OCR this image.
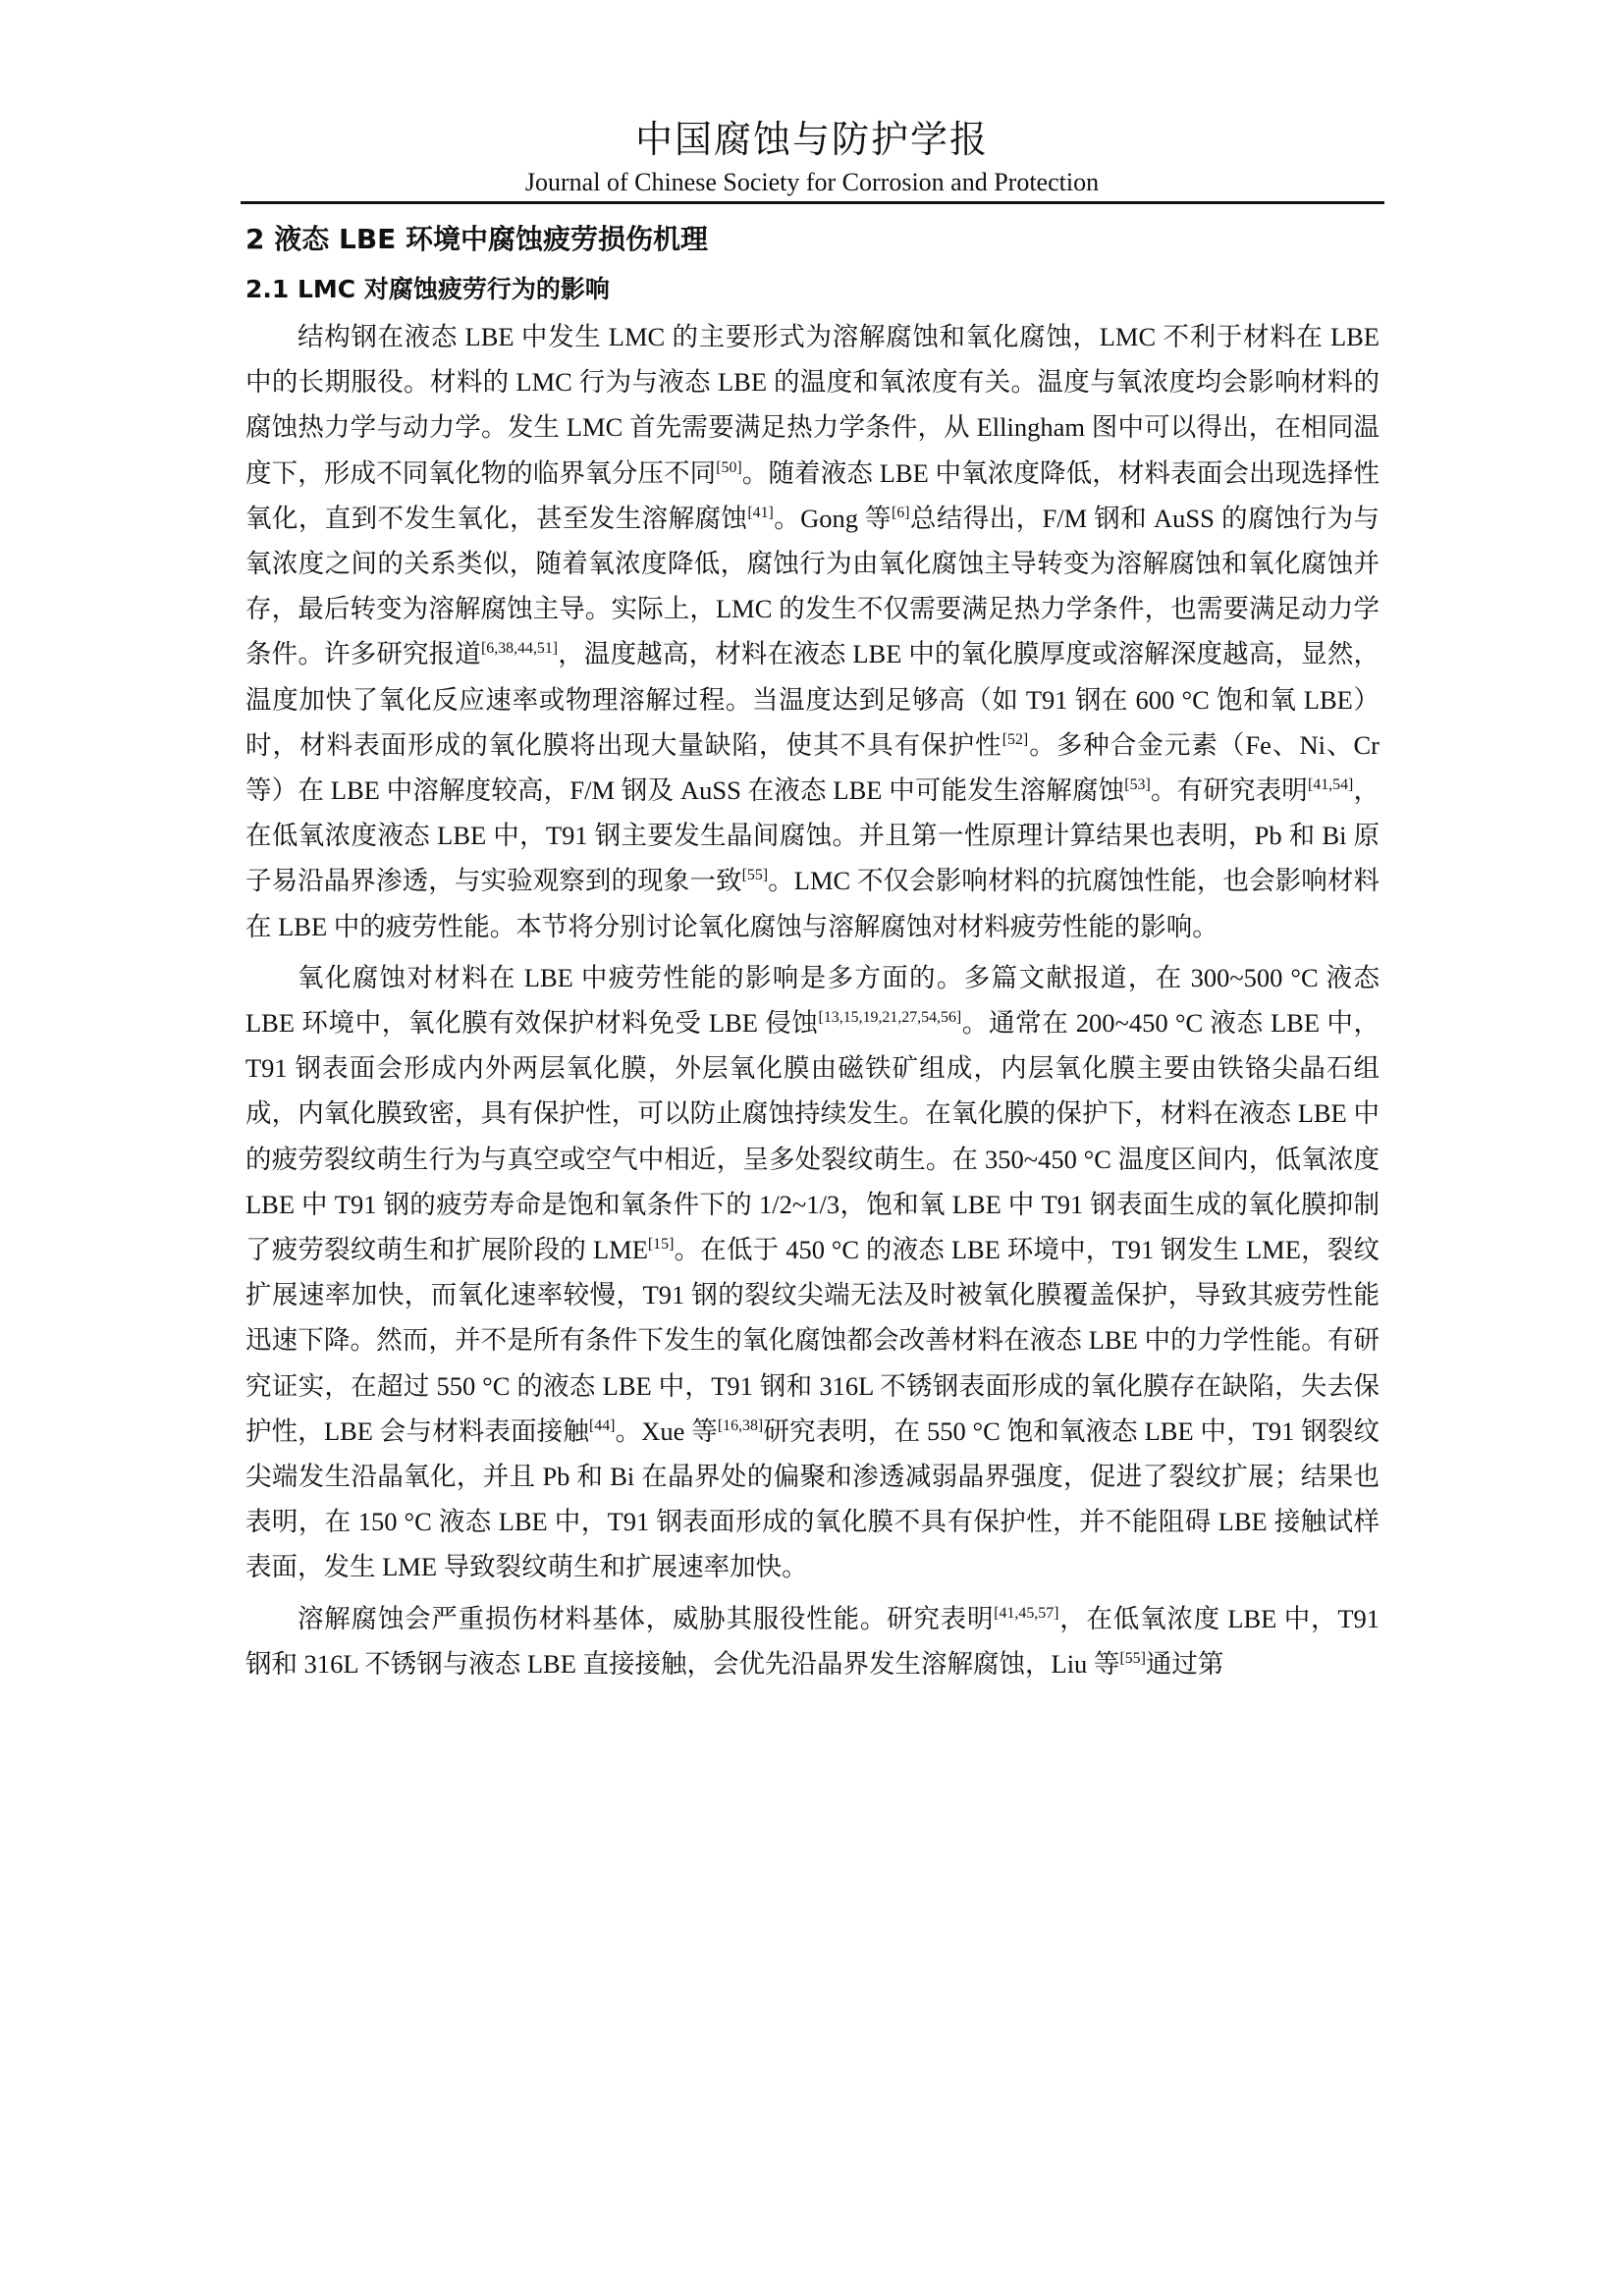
中国腐蚀与防护学报
Journal of Chinese Society for Corrosion and Protection
2 液态 LBE 环境中腐蚀疲劳损伤机理
2.1 LMC 对腐蚀疲劳行为的影响

结构钢在液态 LBE 中发生 LMC 的主要形式为溶解腐蚀和氧化腐蚀，LMC 不利于材料在 LBE 中的长期服役。材料的 LMC 行为与液态 LBE 的温度和氧浓度有关。温度与氧浓度均会影响材料的腐蚀热力学与动力学。发生 LMC 首先需要满足热力学条件，从 Ellingham 图中可以得出，在相同温度下，形成不同氧化物的临界氧分压不同[50]。随着液态 LBE 中氧浓度降低，材料表面会出现选择性氧化，直到不发生氧化，甚至发生溶解腐蚀[41]。Gong 等[6]总结得出，F/M 钢和 AuSS 的腐蚀行为与氧浓度之间的关系类似，随着氧浓度降低，腐蚀行为由氧化腐蚀主导转变为溶解腐蚀和氧化腐蚀并存，最后转变为溶解腐蚀主导。实际上，LMC 的发生不仅需要满足热力学条件，也需要满足动力学条件。许多研究报道[6,38,44,51]，温度越高，材料在液态 LBE 中的氧化膜厚度或溶解深度越高，显然，温度加快了氧化反应速率或物理溶解过程。当温度达到足够高（如 T91 钢在 600 °C 饱和氧 LBE）时，材料表面形成的氧化膜将出现大量缺陷，使其不具有保护性[52]。多种合金元素（Fe、Ni、Cr 等）在 LBE 中溶解度较高，F/M 钢及 AuSS 在液态 LBE 中可能发生溶解腐蚀[53]。有研究表明[41,54]，在低氧浓度液态 LBE 中，T91 钢主要发生晶间腐蚀。并且第一性原理计算结果也表明，Pb 和 Bi 原子易沿晶界渗透，与实验观察到的现象一致[55]。LMC 不仅会影响材料的抗腐蚀性能，也会影响材料在 LBE 中的疲劳性能。本节将分别讨论氧化腐蚀与溶解腐蚀对材料疲劳性能的影响。

氧化腐蚀对材料在 LBE 中疲劳性能的影响是多方面的。多篇文献报道，在 300~500 °C 液态 LBE 环境中，氧化膜有效保护材料免受 LBE 侵蚀[13,15,19,21,27,54,56]。通常在 200~450 °C 液态 LBE 中，T91 钢表面会形成内外两层氧化膜，外层氧化膜由磁铁矿组成，内层氧化膜主要由铁铬尖晶石组成，内氧化膜致密，具有保护性，可以防止腐蚀持续发生。在氧化膜的保护下，材料在液态 LBE 中的疲劳裂纹萌生行为与真空或空气中相近，呈多处裂纹萌生。在 350~450 °C 温度区间内，低氧浓度 LBE 中 T91 钢的疲劳寿命是饱和氧条件下的 1/2~1/3，饱和氧 LBE 中 T91 钢表面生成的氧化膜抑制了疲劳裂纹萌生和扩展阶段的 LME[15]。在低于 450 °C 的液态 LBE 环境中，T91 钢发生 LME，裂纹扩展速率加快，而氧化速率较慢，T91 钢的裂纹尖端无法及时被氧化膜覆盖保护，导致其疲劳性能迅速下降。然而，并不是所有条件下发生的氧化腐蚀都会改善材料在液态 LBE 中的力学性能。有研究证实，在超过 550 °C 的液态 LBE 中，T91 钢和 316L 不锈钢表面形成的氧化膜存在缺陷，失去保护性，LBE 会与材料表面接触[44]。Xue 等[16,38]研究表明，在 550 °C 饱和氧液态 LBE 中，T91 钢裂纹尖端发生沿晶氧化，并且 Pb 和 Bi 在晶界处的偏聚和渗透减弱晶界强度，促进了裂纹扩展；结果也表明，在 150 °C 液态 LBE 中，T91 钢表面形成的氧化膜不具有保护性，并不能阻碍 LBE 接触试样表面，发生 LME 导致裂纹萌生和扩展速率加快。

溶解腐蚀会严重损伤材料基体，威胁其服役性能。研究表明[41,45,57]，在低氧浓度 LBE 中，T91 钢和 316L 不锈钢与液态 LBE 直接接触，会优先沿晶界发生溶解腐蚀，Liu 等[55]通过第
